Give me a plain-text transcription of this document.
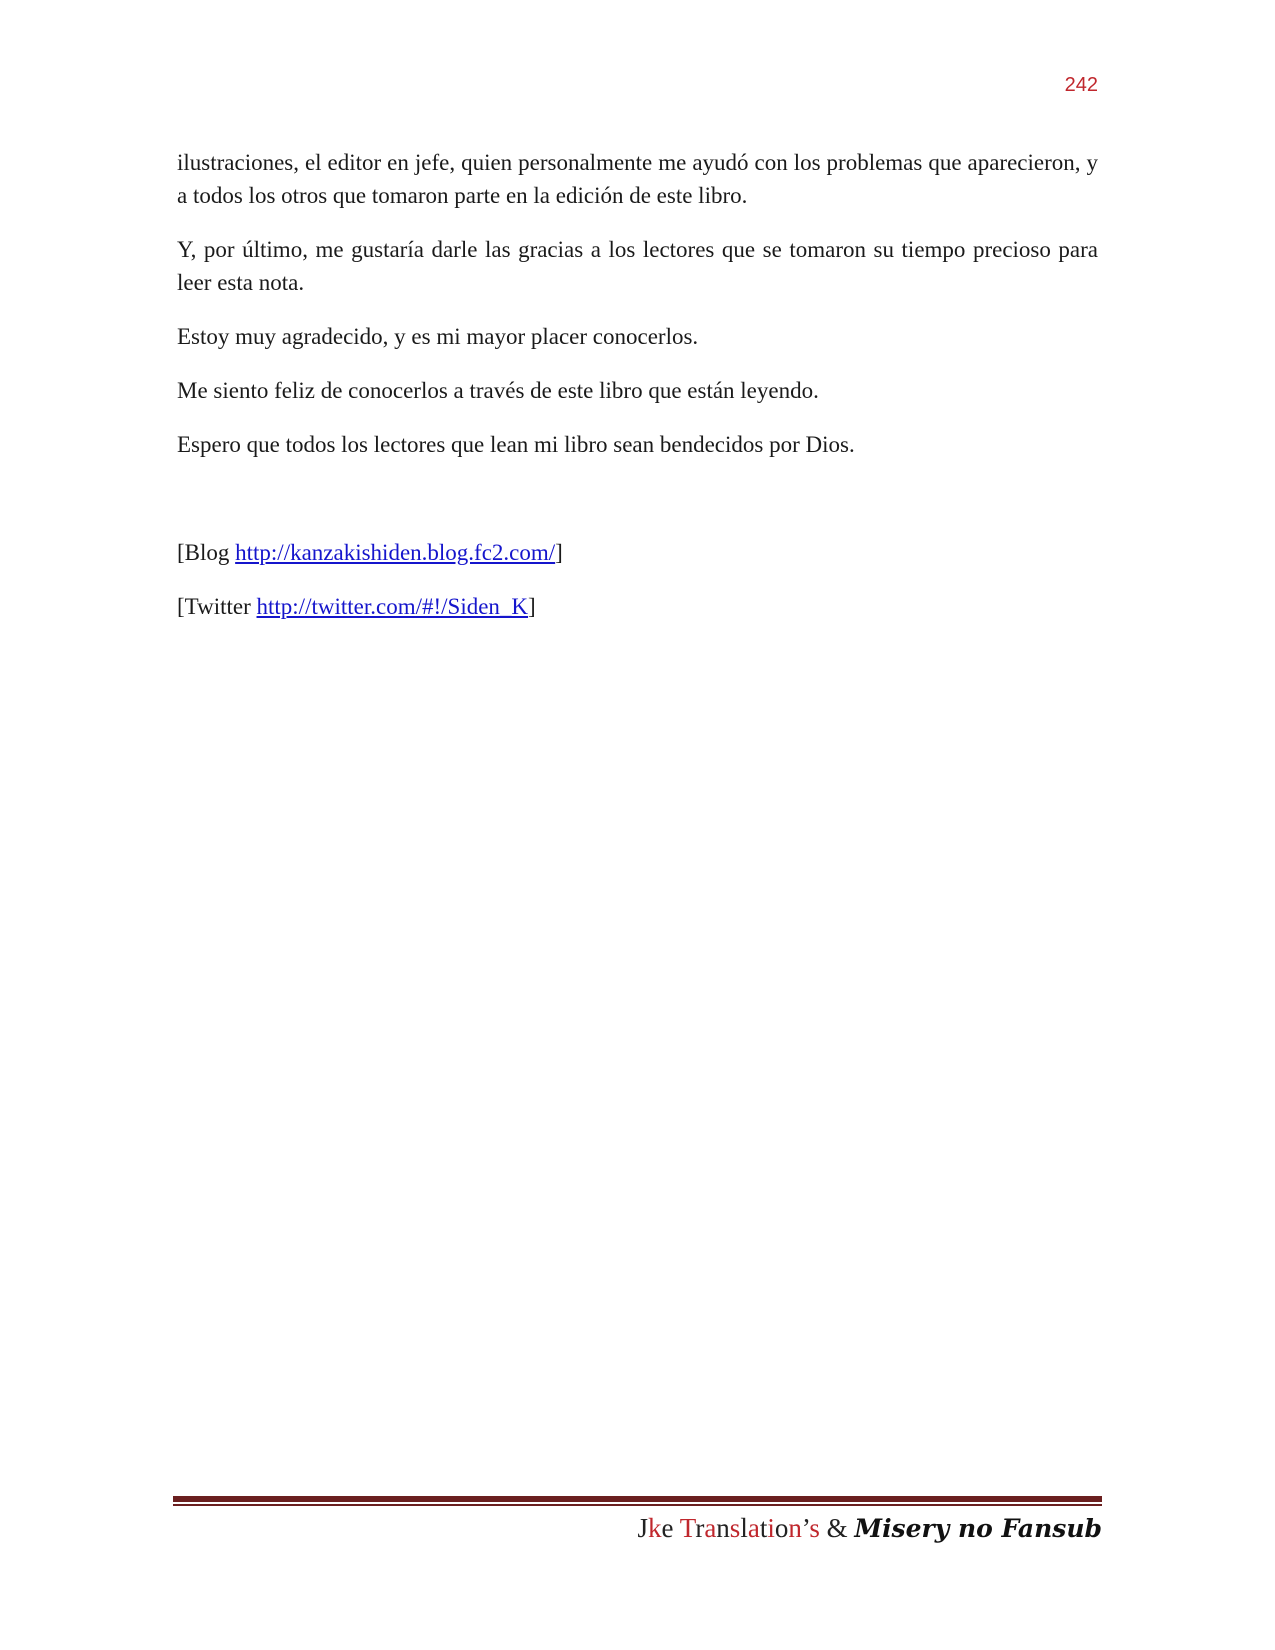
242

ilustraciones, el editor en jefe, quien personalmente me ayudó con los problemas que aparecieron, y a todos los otros que tomaron parte en la edición de este libro.

Y, por último, me gustaría darle las gracias a los lectores que se tomaron su tiempo precioso para leer esta nota.

Estoy muy agradecido, y es mi mayor placer conocerlos.

Me siento feliz de conocerlos a través de este libro que están leyendo.

Espero que todos los lectores que lean mi libro sean bendecidos por Dios.

[Blog http://kanzakishiden.blog.fc2.com/]
[Twitter http://twitter.com/#!/Siden_K]
Jke Translation’s & Misery no Fansub
